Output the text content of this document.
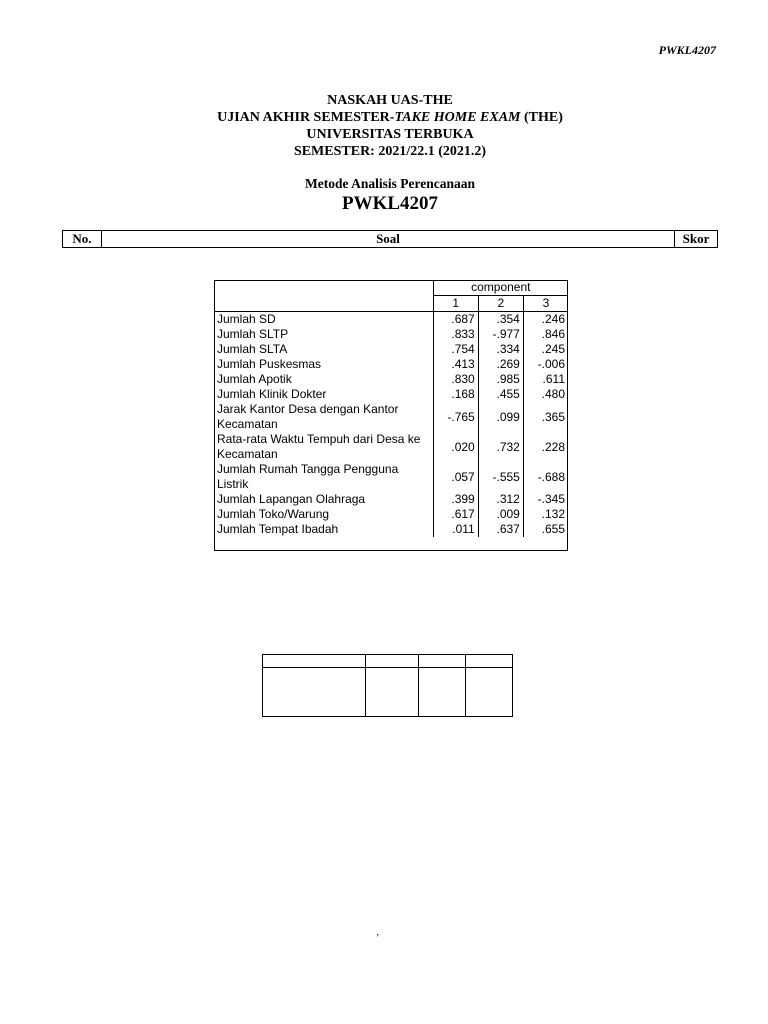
PWKL4207
NASKAH UAS-THE
UJIAN AKHIR SEMESTER-TAKE HOME EXAM (THE)
UNIVERSITAS TERBUKA
SEMESTER: 2021/22.1 (2021.2)
Metode Analisis Perencanaan
PWKL4207
No.	Soal	Skor
	component		
	1	2	3
Jumlah SD	.687	.354	.246
Jumlah SLTP	.833	-.977	.846
Jumlah SLTA	.754	.334	.245
Jumlah Puskesmas	.413	.269	-.006
Jumlah Apotik	.830	.985	.611
Jumlah Klinik Dokter	.168	.455	.480
Jarak Kantor Desa dengan Kantor Kecamatan	-.765	.099	.365
Rata-rata Waktu Tempuh dari Desa ke Kecamatan	.020	.732	.228
Jumlah Rumah Tangga Pengguna Listrik	.057	-.555	-.688
Jumlah Lapangan Olahraga	.399	.312	-.345
Jumlah Toko/Warung	.617	.009	.132
Jumlah Tempat Ibadah	.011	.637	.655

‚
